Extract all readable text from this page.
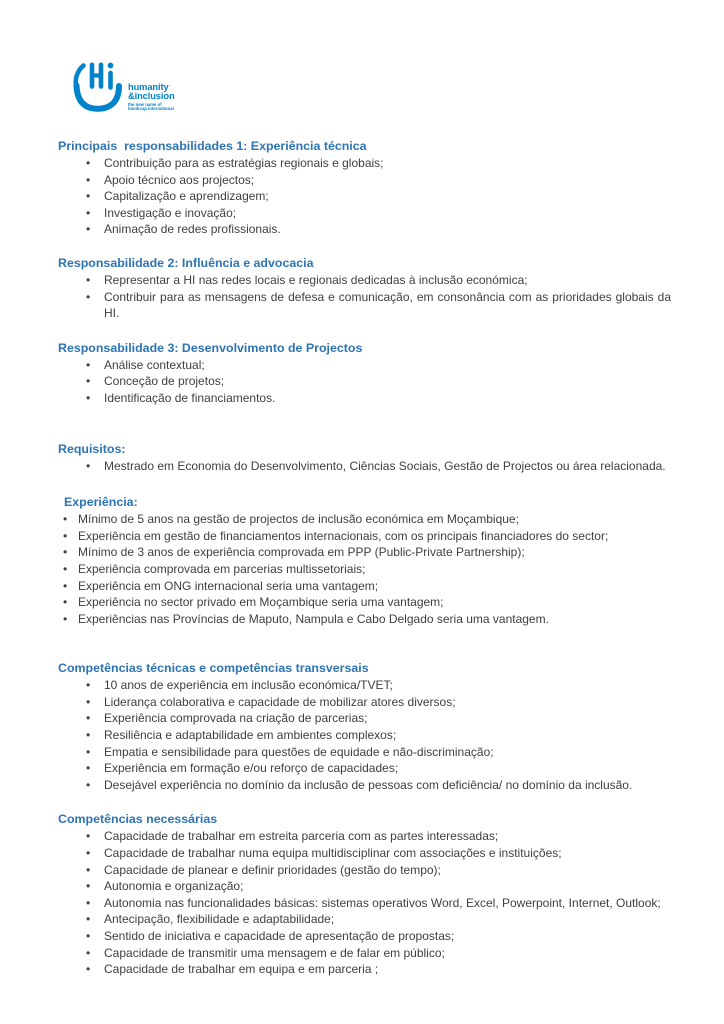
humanity
&inclusion
the new name of
handicap international
Principais  responsabilidades 1: Experiência técnica
• Contribuição para as estratégias regionais e globais;
• Apoio técnico aos projectos;
• Capitalização e aprendizagem;
• Investigação e inovação;
• Animação de redes profissionais.
Responsabilidade 2: Influência e advocacia
• Representar a HI nas redes locais e regionais dedicadas à inclusão económica;
• Contribuir para as mensagens de defesa e comunicação, em consonância com as prioridades globais da HI.
Responsabilidade 3: Desenvolvimento de Projectos
• Análise contextual;
• Conceção de projetos;
• Identificação de financiamentos.
Requisitos:
• Mestrado em Economia do Desenvolvimento, Ciências Sociais, Gestão de Projectos ou área relacionada.
Experiência:
• Mínimo de 5 anos na gestão de projectos de inclusão económica em Moçambique;
• Experiência em gestão de financiamentos internacionais, com os principais financiadores do sector;
• Mínimo de 3 anos de experiência comprovada em PPP (Public-Private Partnership);
• Experiência comprovada em parcerias multissetoriais;
• Experiência em ONG internacional seria uma vantagem;
• Experiência no sector privado em Moçambique seria uma vantagem;
• Experiências nas Províncias de Maputo, Nampula e Cabo Delgado seria uma vantagem.
Competências técnicas e competências transversais
• 10 anos de experiência em inclusão económica/TVET;
• Liderança colaborativa e capacidade de mobilizar atores diversos;
• Experiência comprovada na criação de parcerias;
• Resiliência e adaptabilidade em ambientes complexos;
• Empatia e sensibilidade para questões de equidade e não-discriminação;
• Experiência em formação e/ou reforço de capacidades;
• Desejável experiência no domínio da inclusão de pessoas com deficiência/ no domínio da inclusão.
Competências necessárias
• Capacidade de trabalhar em estreita parceria com as partes interessadas;
• Capacidade de trabalhar numa equipa multidisciplinar com associações e instituições;
• Capacidade de planear e definir prioridades (gestão do tempo);
• Autonomia e organização;
• Autonomia nas funcionalidades básicas: sistemas operativos Word, Excel, Powerpoint, Internet, Outlook;
• Antecipação, flexibilidade e adaptabilidade;
• Sentido de iniciativa e capacidade de apresentação de propostas;
• Capacidade de transmitir uma mensagem e de falar em público;
• Capacidade de trabalhar em equipa e em parceria ;
